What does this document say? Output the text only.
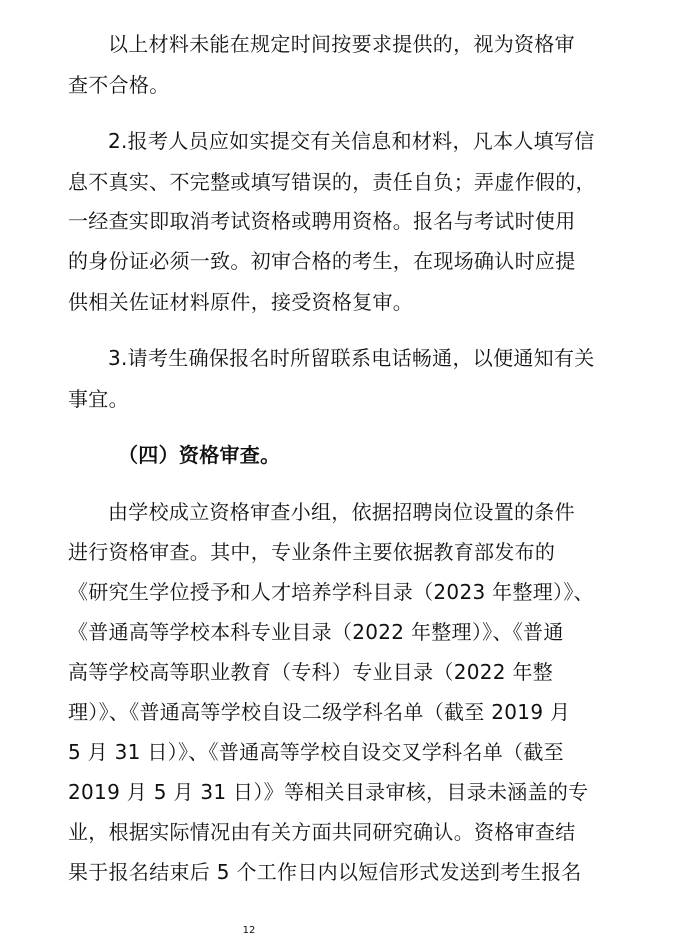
以上材料未能在规定时间按要求提供的，视为资格审
查不合格。
2.报考人员应如实提交有关信息和材料，凡本人填写信
息不真实、不完整或填写错误的，责任自负；弄虚作假的，
一经查实即取消考试资格或聘用资格。报名与考试时使用
的身份证必须一致。初审合格的考生，在现场确认时应提
供相关佐证材料原件，接受资格复审。
3.请考生确保报名时所留联系电话畅通，以便通知有关
事宜。
（四）资格审查。
由学校成立资格审查小组，依据招聘岗位设置的条件
进行资格审查。其中，专业条件主要依据教育部发布的
《研究生学位授予和人才培养学科目录（2023 年整理）》、
《普通高等学校本科专业目录（2022 年整理）》、《普通
高等学校高等职业教育（专科）专业目录（2022 年整
理）》、《普通高等学校自设二级学科名单（截至 2019 月
5 月 31 日）》、《普通高等学校自设交叉学科名单（截至
2019 月 5 月 31 日）》等相关目录审核，目录未涵盖的专
业，根据实际情况由有关方面共同研究确认。资格审查结
果于报名结束后 5 个工作日内以短信形式发送到考生报名
12
